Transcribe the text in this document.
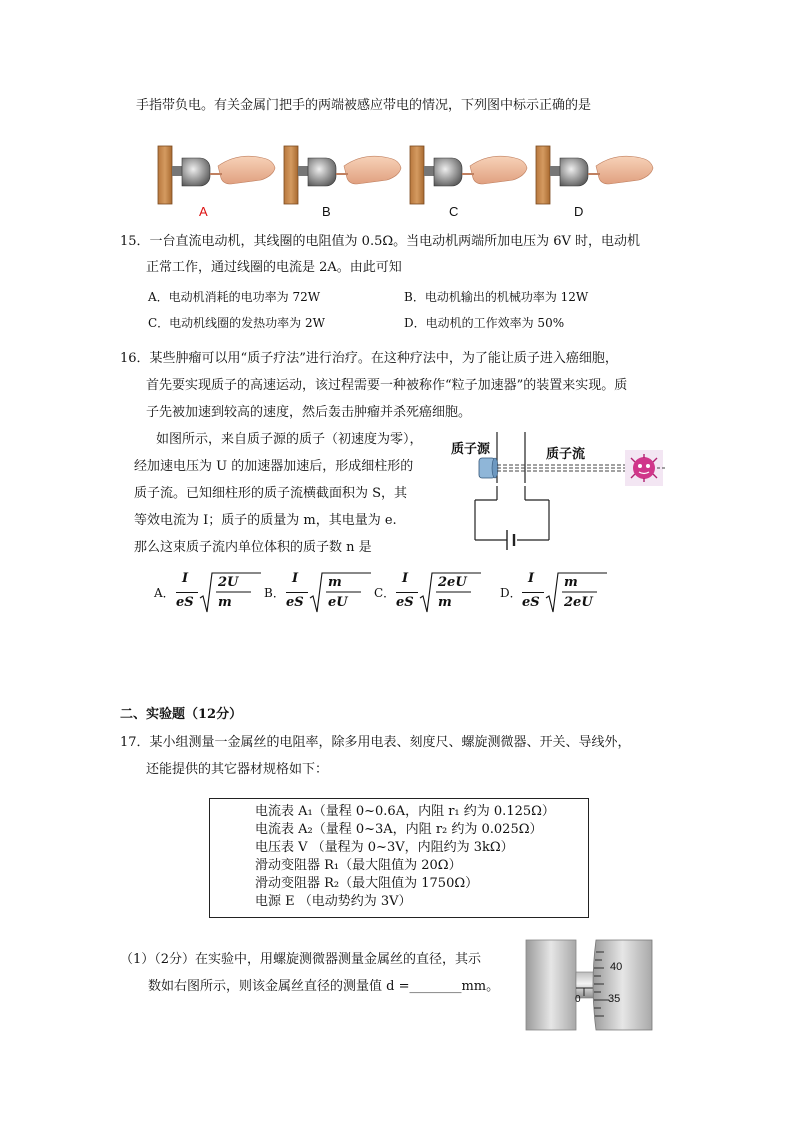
手指带负电。有关金属门把手的两端被感应带电的情况，下列图中标示正确的是
A	B	C	D
15．一台直流电动机，其线圈的电阻值为 0.5Ω。当电动机两端所加电压为 6V 时，电动机
正常工作，通过线圈的电流是 2A。由此可知
A．电动机消耗的电功率为 72W	B．电动机输出的机械功率为 12W
C．电动机线圈的发热功率为 2W	D．电动机的工作效率为 50%
16．某些肿瘤可以用“质子疗法”进行治疗。在这种疗法中，为了能让质子进入癌细胞，
首先要实现质子的高速运动，该过程需要一种被称作“粒子加速器”的装置来实现。质
子先被加速到较高的速度，然后轰击肿瘤并杀死癌细胞。
如图所示，来自质子源的质子（初速度为零），
经加速电压为 U 的加速器加速后，形成细柱形的
质子流。已知细柱形的质子流横截面积为 S，其
等效电流为 I；质子的质量为 m，其电量为 e.
那么这束质子流内单位体积的质子数 n 是
质子源	质子流
A．
I
eS
2U
m
B．
I
eS
m
eU
C．
I
eS
2eU
m
D．
I
eS
m
2eU
二、实验题（12分）
17．某小组测量一金属丝的电阻率，除多用电表、刻度尺、螺旋测微器、开关、导线外，
还能提供的其它器材规格如下：
电流表 A₁（量程 0~0.6A，内阻 r₁ 约为 0.125Ω）
电流表 A₂（量程 0~3A，内阻 r₂ 约为 0.025Ω）
电压表 V （量程为 0~3V，内阻约为 3kΩ）
滑动变阻器 R₁（最大阻值为 20Ω）
滑动变阻器 R₂（最大阻值为 1750Ω）
电源 E （电动势约为 3V）
（1）（2分）在实验中，用螺旋测微器测量金属丝的直径，其示
数如右图所示，则该金属丝直径的测量值 d =________mm。
40
35
0
